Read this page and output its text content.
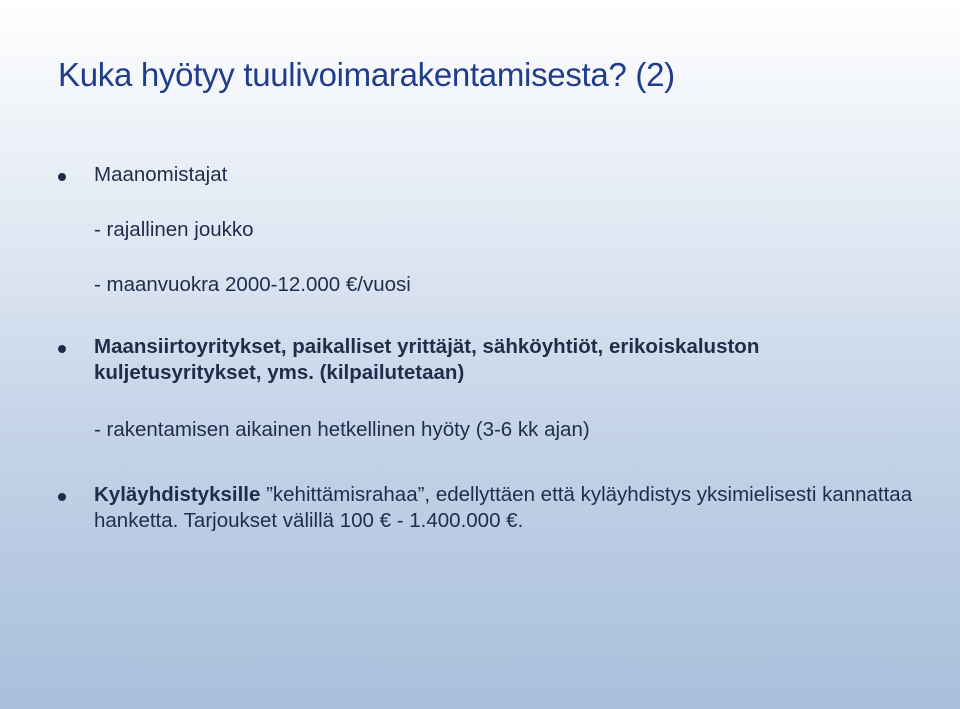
Kuka hyötyy tuulivoimarakentamisesta? (2)
Maanomistajat
- rajallinen joukko
- maanvuokra 2000-12.000 €/vuosi
Maansiirtoyritykset, paikalliset yrittäjät, sähköyhtiöt, erikoiskaluston kuljetusyritykset, yms. (kilpailutetaan)
- rakentamisen aikainen hetkellinen hyöty (3-6 kk ajan)
Kyläyhdistyksille ”kehittämisrahaa”, edellyttäen että kyläyhdistys yksimielisesti kannattaa hanketta. Tarjoukset välillä 100 € - 1.400.000 €.
